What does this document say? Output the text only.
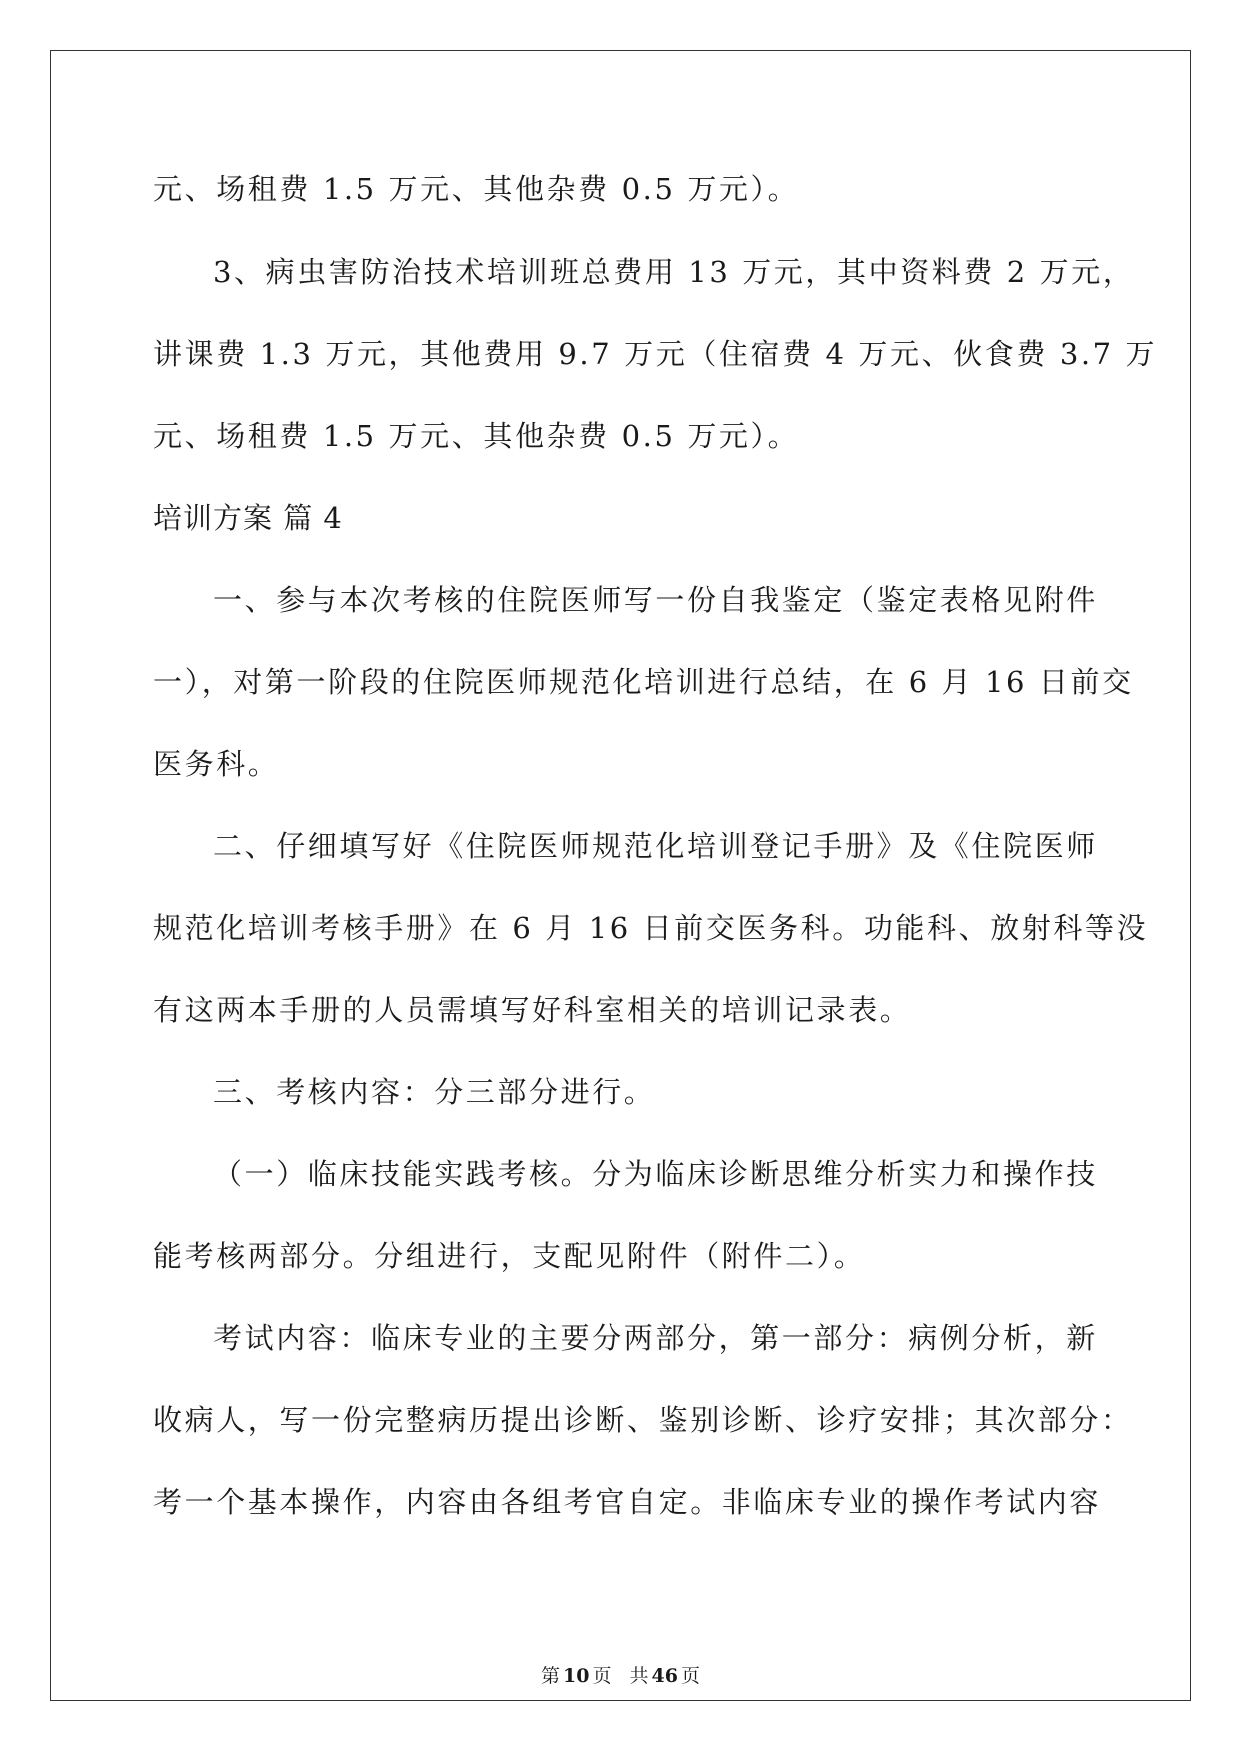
元、场租费 1.5 万元、其他杂费 0.5 万元）。
3、病虫害防治技术培训班总费用 13 万元，其中资料费 2 万元，
讲课费 1.3 万元，其他费用 9.7 万元（住宿费 4 万元、伙食费 3.7 万
元、场租费 1.5 万元、其他杂费 0.5 万元）。
培训方案 篇 4
一、参与本次考核的住院医师写一份自我鉴定（鉴定表格见附件
一），对第一阶段的住院医师规范化培训进行总结，在 6 月 16 日前交
医务科。
二、仔细填写好《住院医师规范化培训登记手册》及《住院医师
规范化培训考核手册》在 6 月 16 日前交医务科。功能科、放射科等没
有这两本手册的人员需填写好科室相关的培训记录表。
三、考核内容：分三部分进行。
（一）临床技能实践考核。分为临床诊断思维分析实力和操作技
能考核两部分。分组进行，支配见附件（附件二）。
考试内容：临床专业的主要分两部分，第一部分：病例分析，新
收病人，写一份完整病历提出诊断、鉴别诊断、诊疗安排；其次部分：
考一个基本操作，内容由各组考官自定。非临床专业的操作考试内容
第 10 页 共 46 页
